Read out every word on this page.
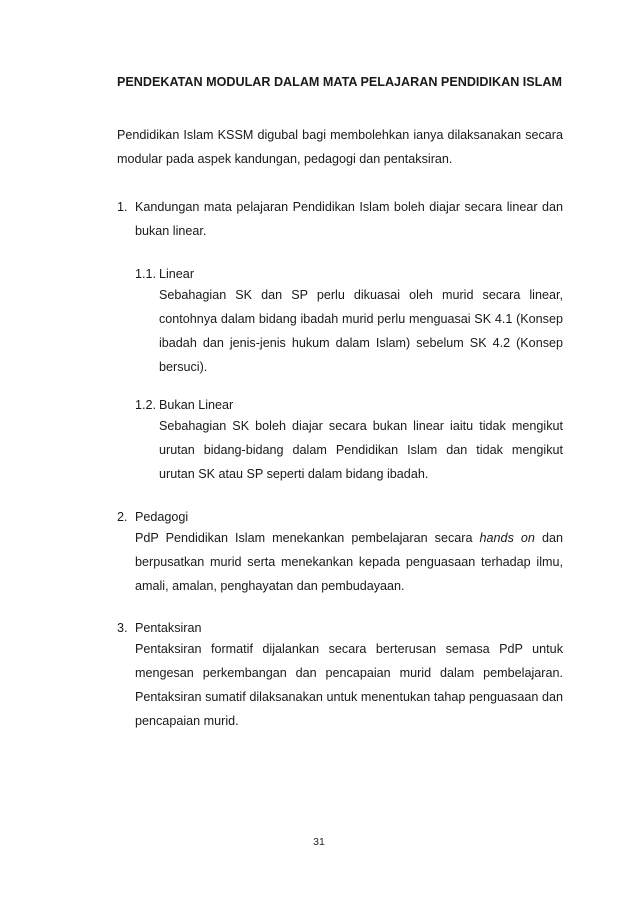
PENDEKATAN MODULAR DALAM MATA PELAJARAN PENDIDIKAN ISLAM

Pendidikan Islam KSSM digubal bagi membolehkan ianya dilaksanakan secara modular pada aspek kandungan, pedagogi dan pentaksiran.

1. Kandungan mata pelajaran Pendidikan Islam boleh diajar secara linear dan bukan linear.

1.1. Linear

Sebahagian SK dan SP perlu dikuasai oleh murid secara linear, contohnya dalam bidang ibadah murid perlu menguasai SK 4.1 (Konsep ibadah dan jenis-jenis hukum dalam Islam) sebelum SK 4.2 (Konsep bersuci).

1.2. Bukan Linear

Sebahagian SK boleh diajar secara bukan linear iaitu tidak mengikut urutan bidang-bidang dalam Pendidikan Islam dan tidak mengikut urutan SK atau SP seperti dalam bidang ibadah.

2. Pedagogi

PdP Pendidikan Islam menekankan pembelajaran secara hands on dan berpusatkan murid serta menekankan kepada penguasaan terhadap ilmu, amali, amalan, penghayatan dan pembudayaan.

3. Pentaksiran

Pentaksiran formatif dijalankan secara berterusan semasa PdP untuk mengesan perkembangan dan pencapaian murid dalam pembelajaran. Pentaksiran sumatif dilaksanakan untuk menentukan tahap penguasaan dan pencapaian murid.

31
